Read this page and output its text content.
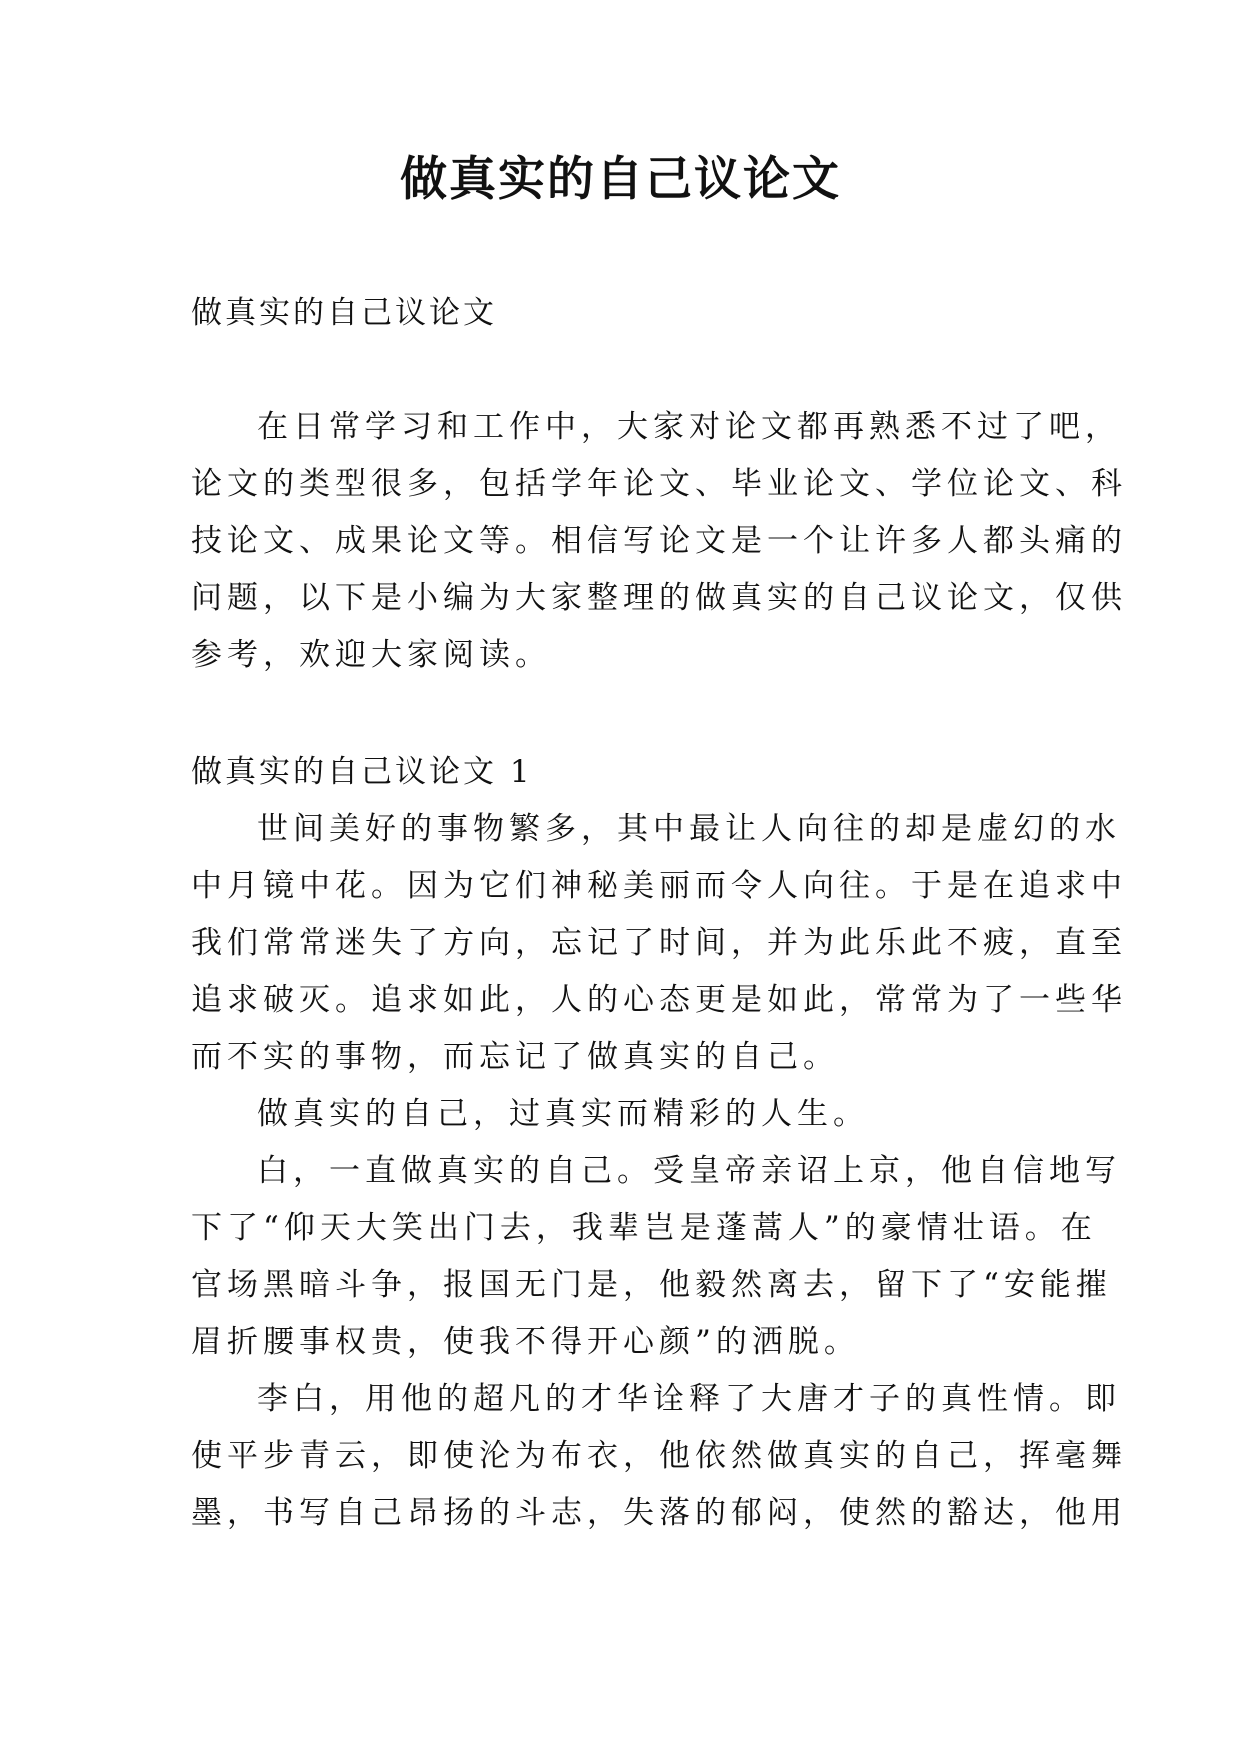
做真实的自己议论文

做真实的自己议论文

在日常学习和工作中，大家对论文都再熟悉不过了吧，
论文的类型很多，包括学年论文、毕业论文、学位论文、科
技论文、成果论文等。相信写论文是一个让许多人都头痛的
问题，以下是小编为大家整理的做真实的自己议论文，仅供
参考，欢迎大家阅读。

做真实的自己议论文 1

世间美好的事物繁多，其中最让人向往的却是虚幻的水
中月镜中花。因为它们神秘美丽而令人向往。于是在追求中
我们常常迷失了方向，忘记了时间，并为此乐此不疲，直至
追求破灭。追求如此，人的心态更是如此，常常为了一些华
而不实的事物，而忘记了做真实的自己。
做真实的自己，过真实而精彩的人生。
白，一直做真实的自己。受皇帝亲诏上京，他自信地写
下了“仰天大笑出门去，我辈岂是蓬蒿人”的豪情壮语。在
官场黑暗斗争，报国无门是，他毅然离去，留下了“安能摧
眉折腰事权贵，使我不得开心颜”的洒脱。
李白，用他的超凡的才华诠释了大唐才子的真性情。即
使平步青云，即使沦为布衣，他依然做真实的自己，挥毫舞
墨，书写自己昂扬的斗志，失落的郁闷，使然的豁达，他用
